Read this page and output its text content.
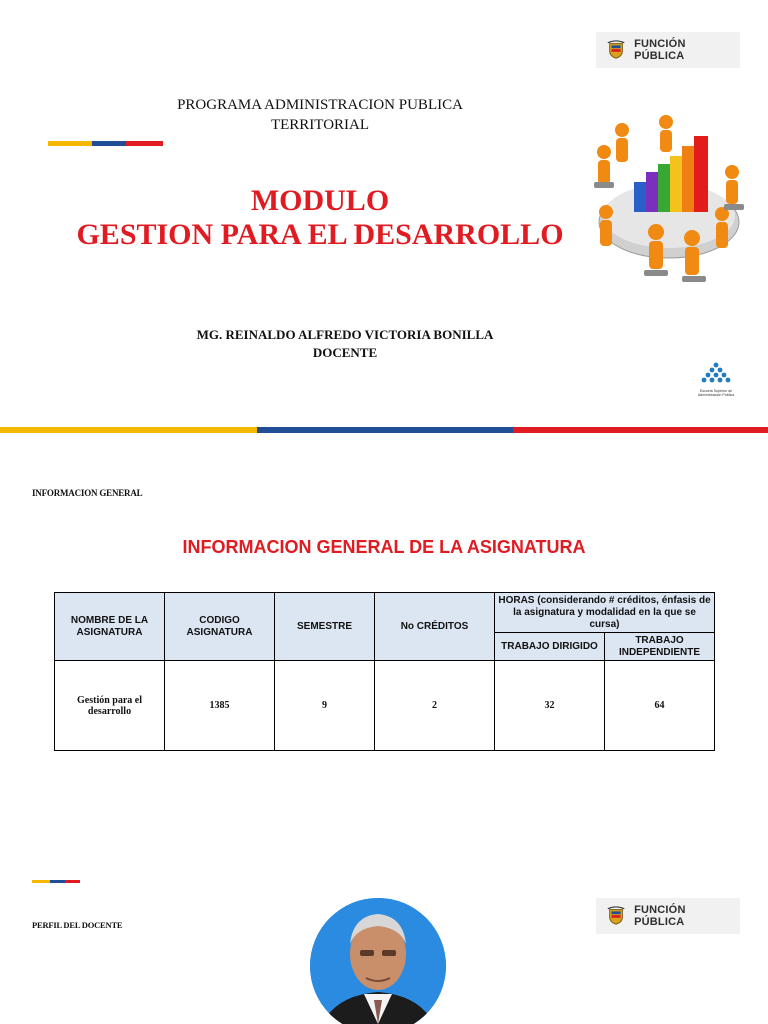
FUNCIÓN PÚBLICA
PROGRAMA ADMINISTRACION PUBLICA
TERRITORIAL
MODULO
GESTION PARA EL DESARROLLO
MG. REINALDO ALFREDO VICTORIA BONILLA
DOCENTE
Escuela Superior de Administración Pública
INFORMACION GENERAL
INFORMACION GENERAL DE LA ASIGNATURA
NOMBRE DE LA ASIGNATURA	CODIGO ASIGNATURA	SEMESTRE	No CRÉDITOS	HORAS (considerando # créditos, énfasis de la asignatura y modalidad en la que se cursa)	
				TRABAJO DIRIGIDO	TRABAJO INDEPENDIENTE
Gestión para el desarrollo	1385	9	2	32	64
PERFIL DEL DOCENTE
FUNCIÓN PÚBLICA
